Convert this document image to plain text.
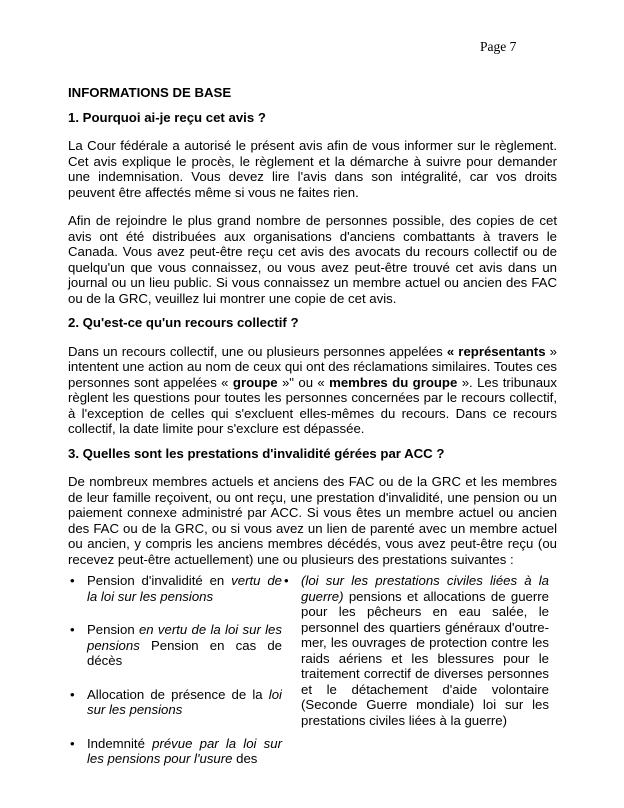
Page 7
INFORMATIONS DE BASE
1. Pourquoi ai-je reçu cet avis ?

La Cour fédérale a autorisé le présent avis afin de vous informer sur le règlement. Cet avis explique le procès, le règlement et la démarche à suivre pour demander une indemnisation. Vous devez lire l'avis dans son intégralité, car vos droits peuvent être affectés même si vous ne faites rien.

Afin de rejoindre le plus grand nombre de personnes possible, des copies de cet avis ont été distribuées aux organisations d'anciens combattants à travers le Canada. Vous avez peut-être reçu cet avis des avocats du recours collectif ou de quelqu'un que vous connaissez, ou vous avez peut-être trouvé cet avis dans un journal ou un lieu public. Si vous connaissez un membre actuel ou ancien des FAC ou de la GRC, veuillez lui montrer une copie de cet avis.

2. Qu'est-ce qu'un recours collectif ?

Dans un recours collectif, une ou plusieurs personnes appelées « représentants » intentent une action au nom de ceux qui ont des réclamations similaires. Toutes ces personnes sont appelées « groupe »" ou « membres du groupe ». Les tribunaux règlent les questions pour toutes les personnes concernées par le recours collectif, à l'exception de celles qui s'excluent elles-mêmes du recours. Dans ce recours collectif, la date limite pour s'exclure est dépassée.

3. Quelles sont les prestations d'invalidité gérées par ACC ?

De nombreux membres actuels et anciens des FAC ou de la GRC et les membres de leur famille reçoivent, ou ont reçu, une prestation d'invalidité, une pension ou un paiement connexe administré par ACC. Si vous êtes un membre actuel ou ancien des FAC ou de la GRC, ou si vous avez un lien de parenté avec un membre actuel ou ancien, y compris les anciens membres décédés, vous avez peut-être reçu (ou recevez peut-être actuellement) une ou plusieurs des prestations suivantes :

• Pension d'invalidité en vertu de la loi sur les pensions
• Pension en vertu de la loi sur les pensions Pension en cas de décès
• Allocation de présence de la loi sur les pensions
• Indemnité prévue par la loi sur les pensions pour l'usure des
• (loi sur les prestations civiles liées à la guerre) pensions et allocations de guerre pour les pêcheurs en eau salée, le personnel des quartiers généraux d'outre-mer, les ouvrages de protection contre les raids aériens et les blessures pour le traitement correctif de diverses personnes et le détachement d'aide volontaire (Seconde Guerre mondiale) loi sur les prestations civiles liées à la guerre)
